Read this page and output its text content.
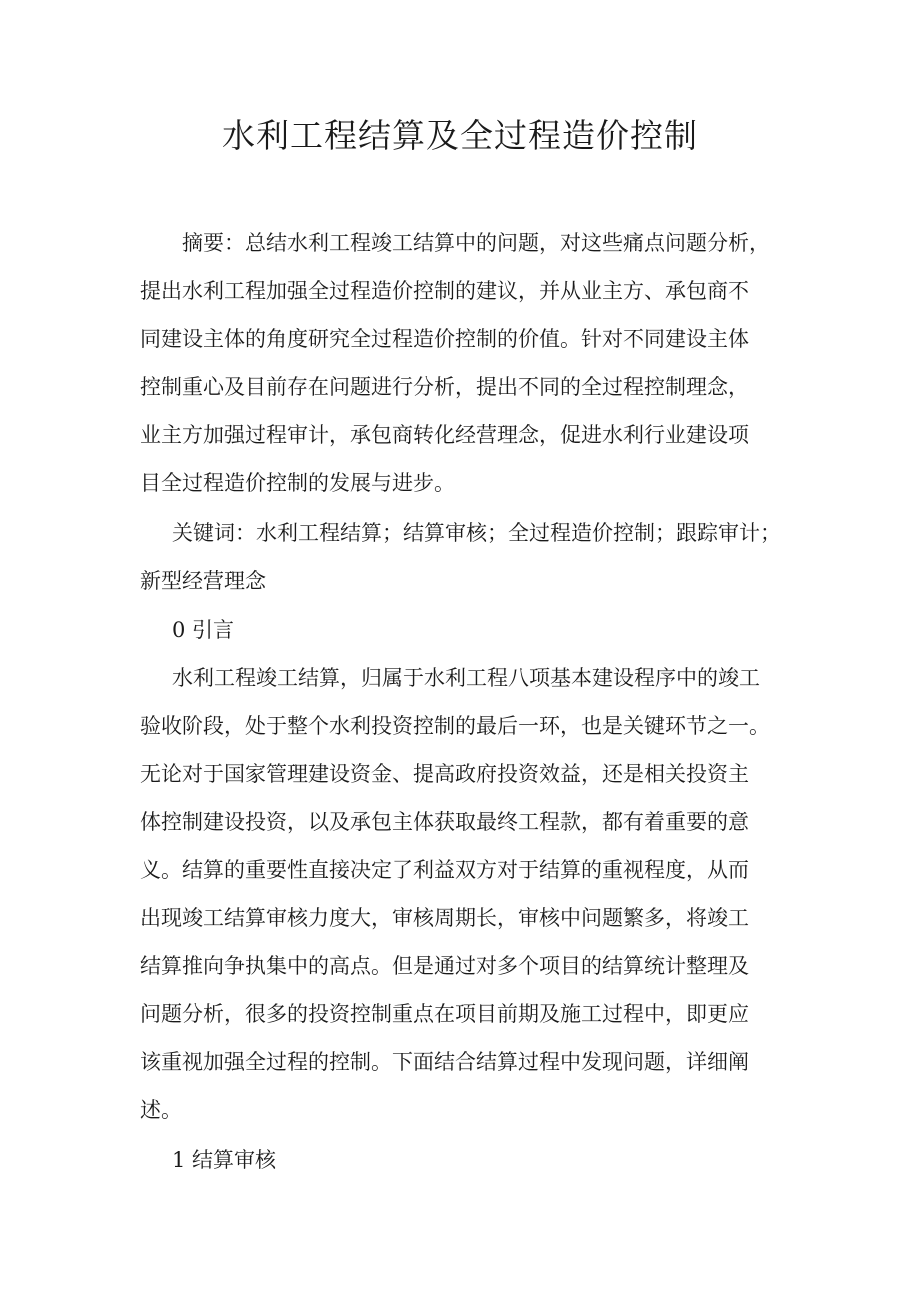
水利工程结算及全过程造价控制
摘要：总结水利工程竣工结算中的问题，对这些痛点问题分析，
提出水利工程加强全过程造价控制的建议，并从业主方、承包商不
同建设主体的角度研究全过程造价控制的价值。针对不同建设主体
控制重心及目前存在问题进行分析，提出不同的全过程控制理念，
业主方加强过程审计，承包商转化经营理念，促进水利行业建设项
目全过程造价控制的发展与进步。
关键词：水利工程结算；结算审核；全过程造价控制；跟踪审计；
新型经营理念
0 引言
水利工程竣工结算，归属于水利工程八项基本建设程序中的竣工
验收阶段，处于整个水利投资控制的最后一环，也是关键环节之一。
无论对于国家管理建设资金、提高政府投资效益，还是相关投资主
体控制建设投资，以及承包主体获取最终工程款，都有着重要的意
义。结算的重要性直接决定了利益双方对于结算的重视程度，从而
出现竣工结算审核力度大，审核周期长，审核中问题繁多，将竣工
结算推向争执集中的高点。但是通过对多个项目的结算统计整理及
问题分析，很多的投资控制重点在项目前期及施工过程中，即更应
该重视加强全过程的控制。下面结合结算过程中发现问题，详细阐
述。
1 结算审核
